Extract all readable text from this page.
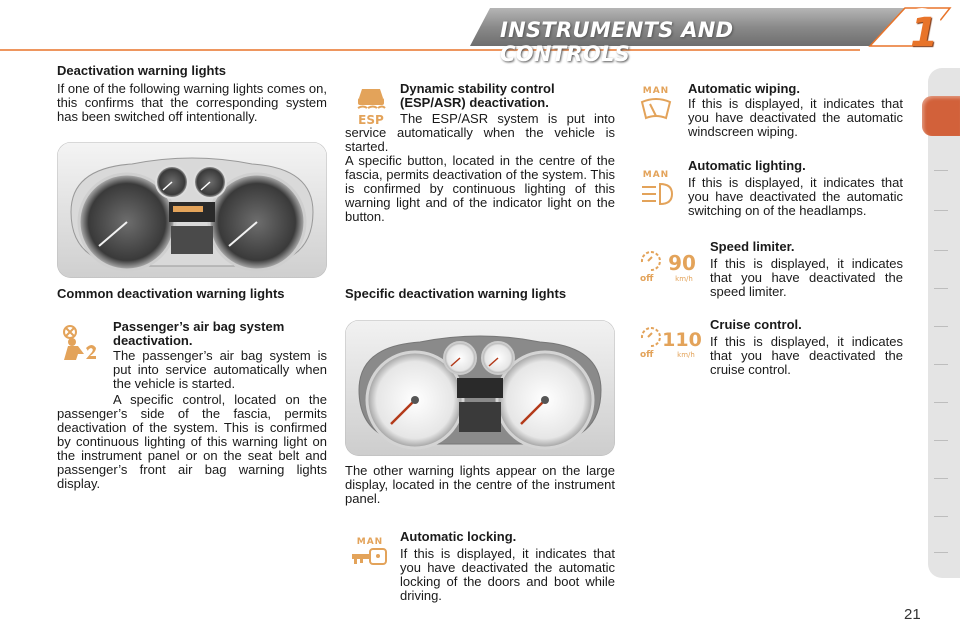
INSTRUMENTS AND CONTROLS	1
Deactivation warning lights

If one of the following warning lights comes on, this confirms that the corresponding system has been switched off intentionally.

Common deactivation warning lights
Passenger’s air bag system deactivation.

The passenger’s air bag system is put into service automatically when the vehicle is started.

A specific control, located on the passenger’s side of the fascia, permits deactivation of the system. This is confirmed by continuous lighting of this warning light on the instrument panel or on the seat belt and passenger’s front air bag warning lights display.

ESP
Dynamic stability control (ESP/ASR) deactivation.

The ESP/ASR system is put into service automatically when the vehicle is started.

A specific button, located in the centre of the fascia, permits deactivation of the system. This is confirmed by continuous lighting of this warning light and of the indicator light on the button.

Specific deactivation warning lights

The other warning lights appear on the large display, located in the centre of the instrument panel.

MAN Automatic locking.

If this is displayed, it indicates that you have deactivated the automatic locking of the doors and boot while driving.

MAN Automatic wiping.

If this is displayed, it indicates that you have deactivated the automatic windscreen wiping.

MAN
Automatic lighting.

If this is displayed, it indicates that you have deactivated the automatic switching on of the headlamps.

off
90
km/h
Speed limiter.

If this is displayed, it indicates that you have deactivated the speed limiter.

off
110
km/h
Cruise control.

If this is displayed, it indicates that you have deactivated the cruise control.

21
